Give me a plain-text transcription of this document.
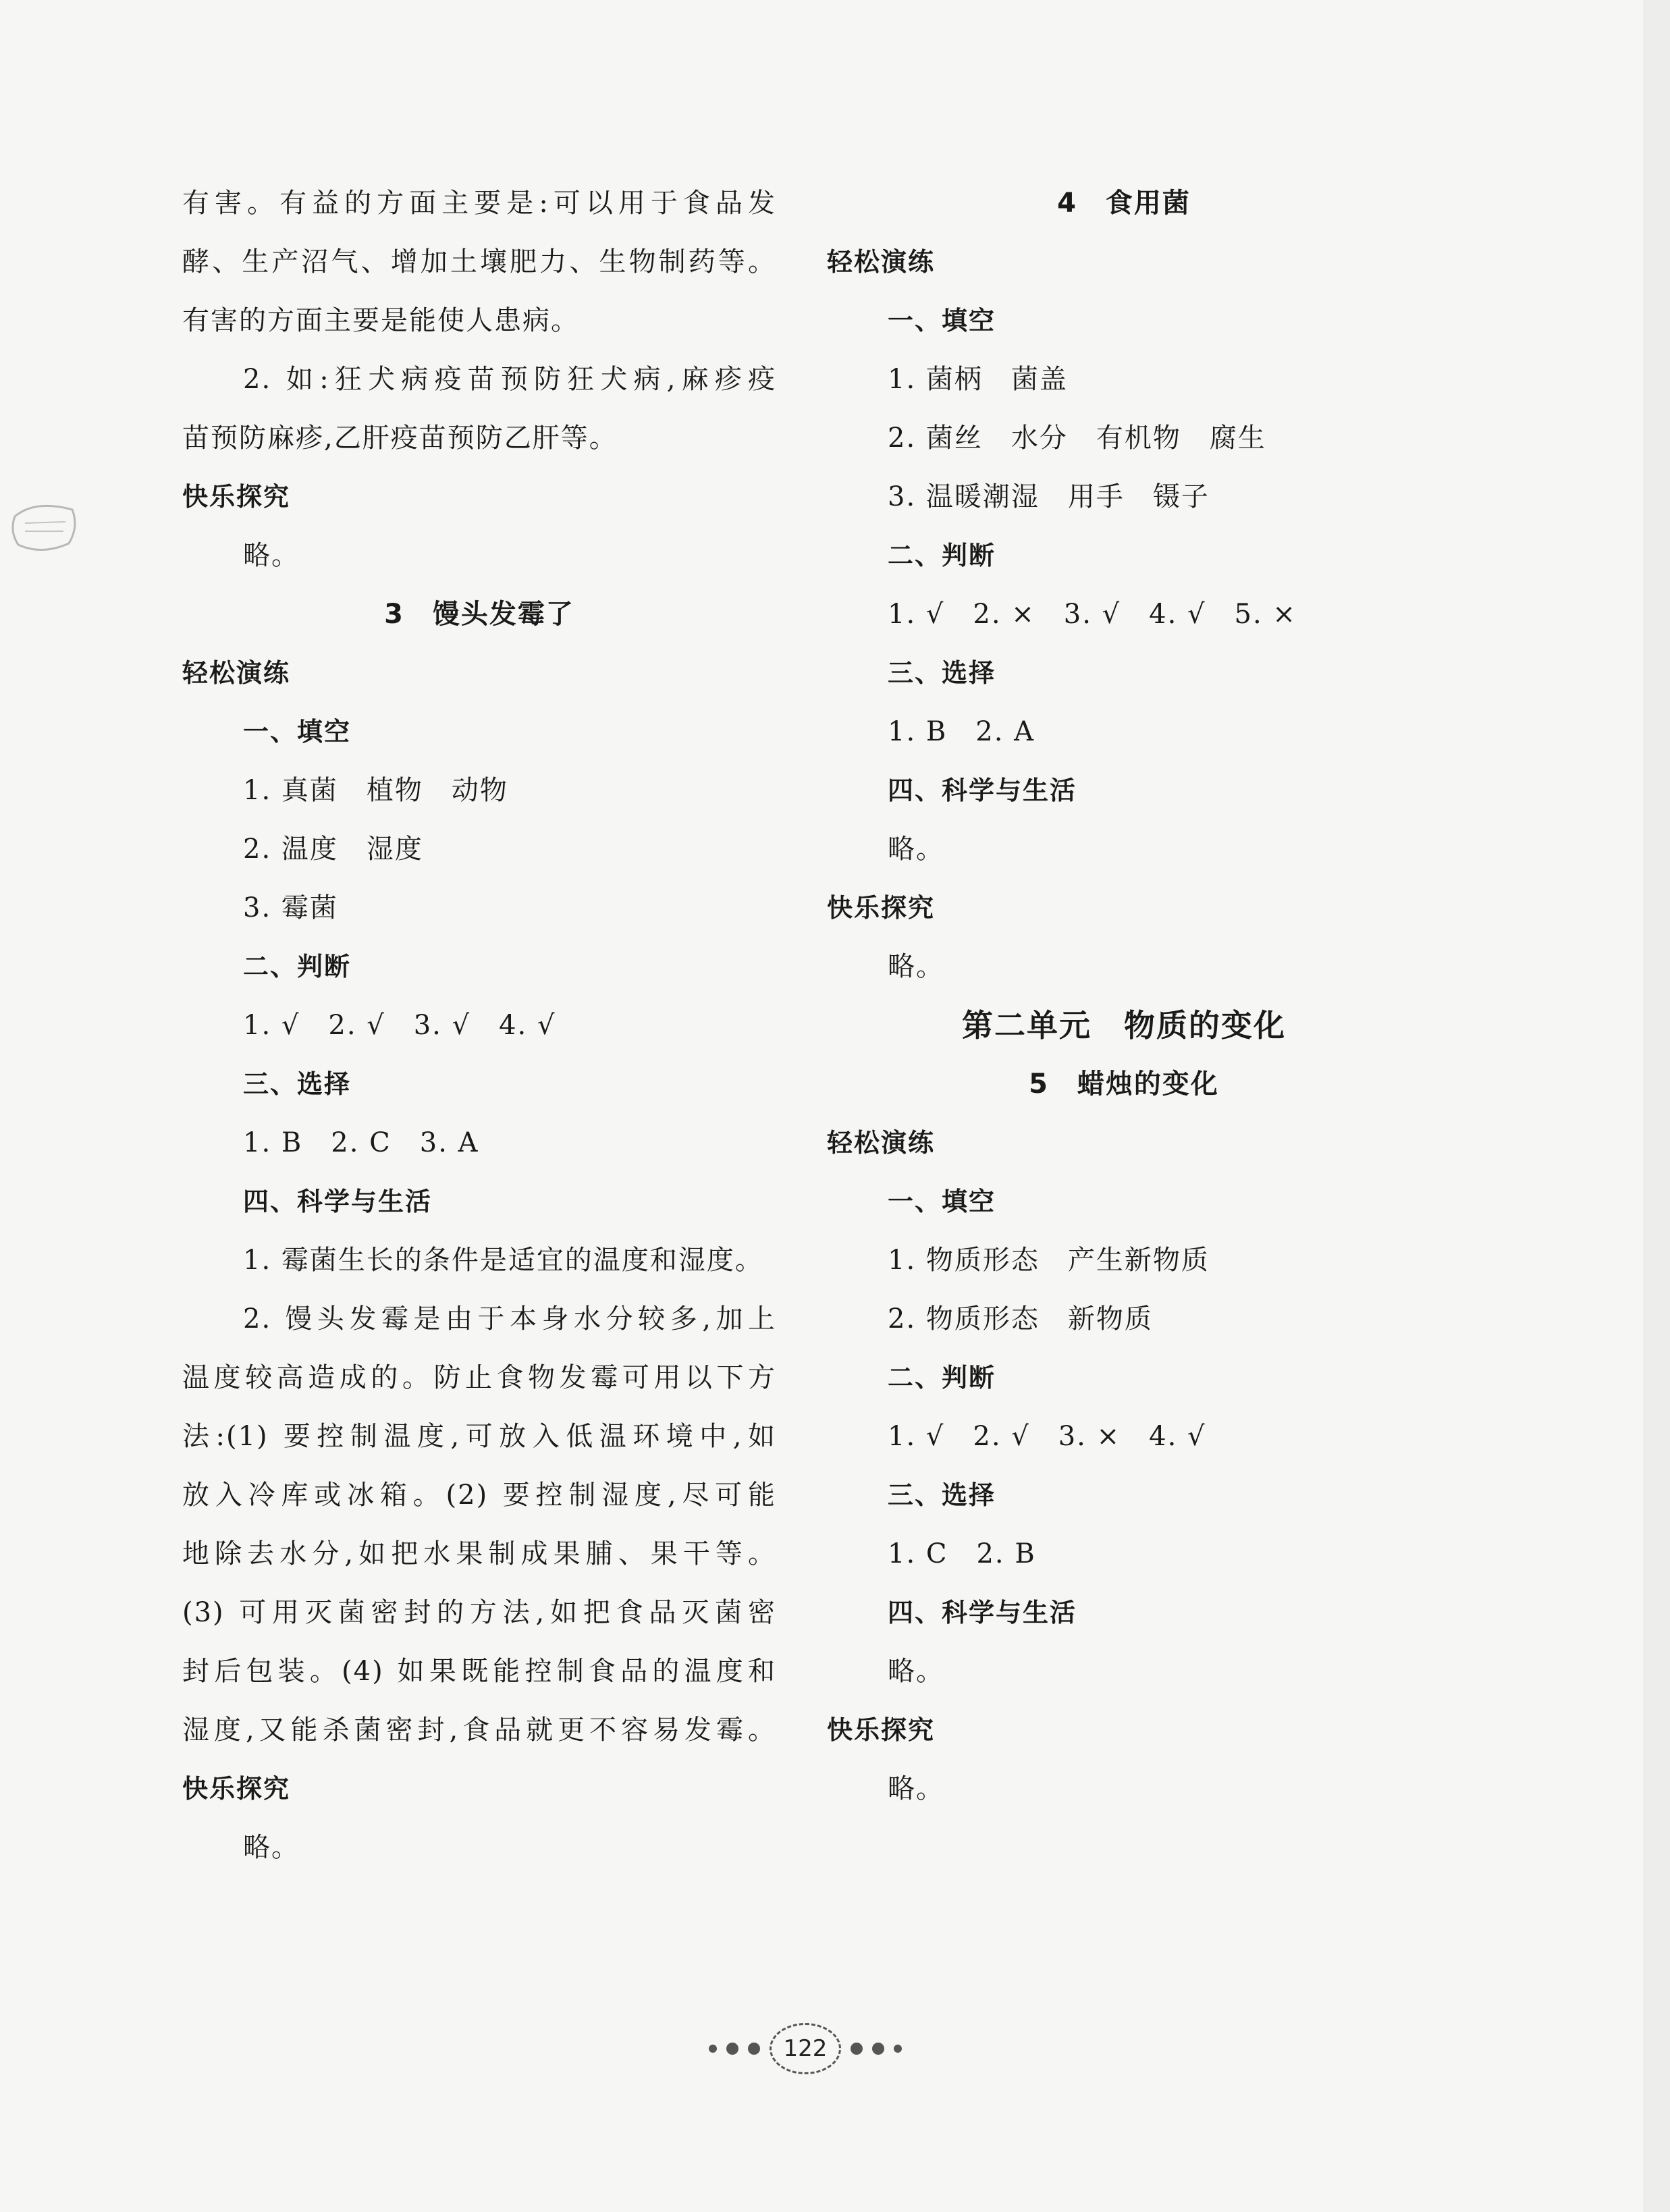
有害。有益的方面主要是:可以用于食品发
酵、生产沼气、增加土壤肥力、生物制药等。
有害的方面主要是能使人患病。
2. 如:狂犬病疫苗预防狂犬病,麻疹疫
苗预防麻疹,乙肝疫苗预防乙肝等。
快乐探究
略。
3　馒头发霉了
轻松演练
一、填空
1. 真菌　植物　动物
2. 温度　湿度
3. 霉菌
二、判断
1. √　2. √　3. √　4. √
三、选择
1. B　2. C　3. A
四、科学与生活
1. 霉菌生长的条件是适宜的温度和湿度。
2. 馒头发霉是由于本身水分较多,加上
温度较高造成的。防止食物发霉可用以下方
法:(1) 要控制温度,可放入低温环境中,如
放入冷库或冰箱。(2) 要控制湿度,尽可能
地除去水分,如把水果制成果脯、果干等。
(3) 可用灭菌密封的方法,如把食品灭菌密
封后包装。(4) 如果既能控制食品的温度和
湿度,又能杀菌密封,食品就更不容易发霉。
快乐探究
略。
4　食用菌
轻松演练
一、填空
1. 菌柄　菌盖
2. 菌丝　水分　有机物　腐生
3. 温暖潮湿　用手　镊子
二、判断
1. √　2. ×　3. √　4. √　5. ×
三、选择
1. B　2. A
四、科学与生活
略。
快乐探究
略。
第二单元　物质的变化
5　蜡烛的变化
轻松演练
一、填空
1. 物质形态　产生新物质
2. 物质形态　新物质
二、判断
1. √　2. √　3. ×　4. √
三、选择
1. C　2. B
四、科学与生活
略。
快乐探究
略。
122
